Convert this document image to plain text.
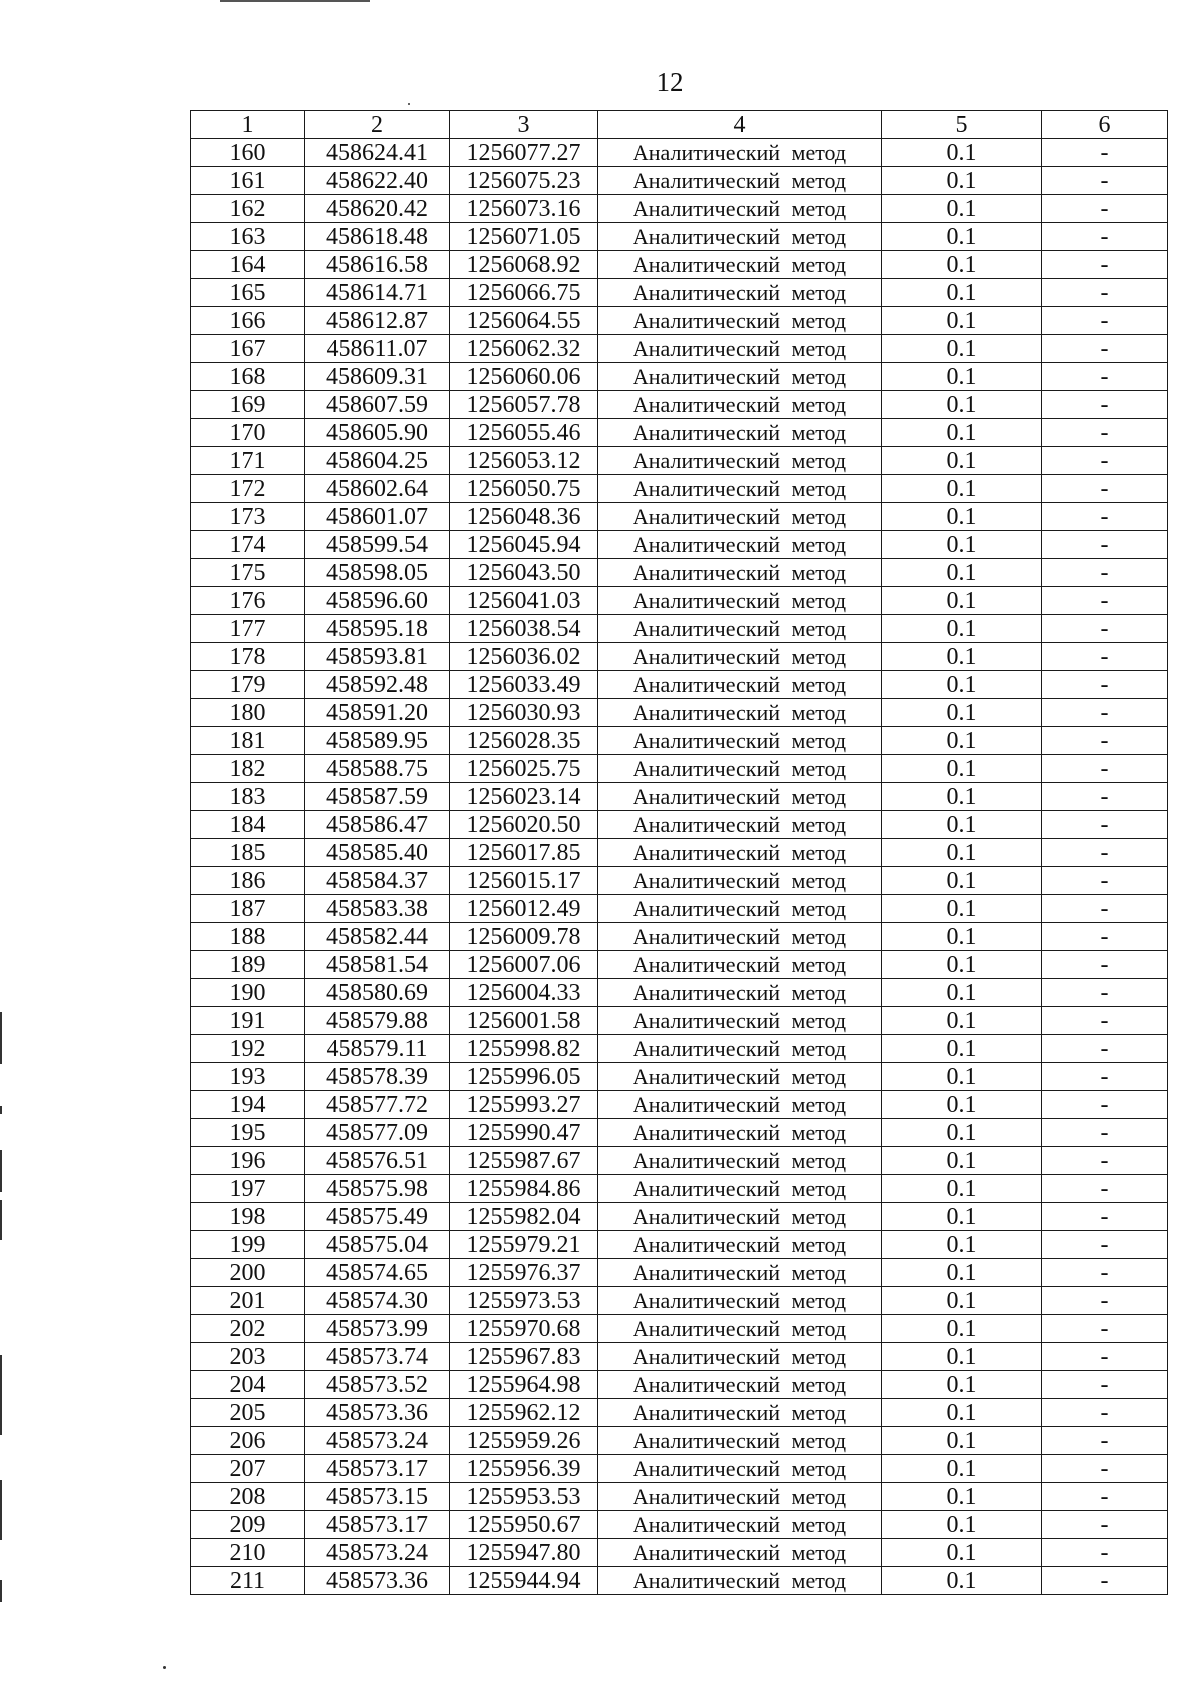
12
1	2	3	4	5	6
160	458624.41	1256077.27	Аналитический метод	0.1	-
161	458622.40	1256075.23	Аналитический метод	0.1	-
162	458620.42	1256073.16	Аналитический метод	0.1	-
163	458618.48	1256071.05	Аналитический метод	0.1	-
164	458616.58	1256068.92	Аналитический метод	0.1	-
165	458614.71	1256066.75	Аналитический метод	0.1	-
166	458612.87	1256064.55	Аналитический метод	0.1	-
167	458611.07	1256062.32	Аналитический метод	0.1	-
168	458609.31	1256060.06	Аналитический метод	0.1	-
169	458607.59	1256057.78	Аналитический метод	0.1	-
170	458605.90	1256055.46	Аналитический метод	0.1	-
171	458604.25	1256053.12	Аналитический метод	0.1	-
172	458602.64	1256050.75	Аналитический метод	0.1	-
173	458601.07	1256048.36	Аналитический метод	0.1	-
174	458599.54	1256045.94	Аналитический метод	0.1	-
175	458598.05	1256043.50	Аналитический метод	0.1	-
176	458596.60	1256041.03	Аналитический метод	0.1	-
177	458595.18	1256038.54	Аналитический метод	0.1	-
178	458593.81	1256036.02	Аналитический метод	0.1	-
179	458592.48	1256033.49	Аналитический метод	0.1	-
180	458591.20	1256030.93	Аналитический метод	0.1	-
181	458589.95	1256028.35	Аналитический метод	0.1	-
182	458588.75	1256025.75	Аналитический метод	0.1	-
183	458587.59	1256023.14	Аналитический метод	0.1	-
184	458586.47	1256020.50	Аналитический метод	0.1	-
185	458585.40	1256017.85	Аналитический метод	0.1	-
186	458584.37	1256015.17	Аналитический метод	0.1	-
187	458583.38	1256012.49	Аналитический метод	0.1	-
188	458582.44	1256009.78	Аналитический метод	0.1	-
189	458581.54	1256007.06	Аналитический метод	0.1	-
190	458580.69	1256004.33	Аналитический метод	0.1	-
191	458579.88	1256001.58	Аналитический метод	0.1	-
192	458579.11	1255998.82	Аналитический метод	0.1	-
193	458578.39	1255996.05	Аналитический метод	0.1	-
194	458577.72	1255993.27	Аналитический метод	0.1	-
195	458577.09	1255990.47	Аналитический метод	0.1	-
196	458576.51	1255987.67	Аналитический метод	0.1	-
197	458575.98	1255984.86	Аналитический метод	0.1	-
198	458575.49	1255982.04	Аналитический метод	0.1	-
199	458575.04	1255979.21	Аналитический метод	0.1	-
200	458574.65	1255976.37	Аналитический метод	0.1	-
201	458574.30	1255973.53	Аналитический метод	0.1	-
202	458573.99	1255970.68	Аналитический метод	0.1	-
203	458573.74	1255967.83	Аналитический метод	0.1	-
204	458573.52	1255964.98	Аналитический метод	0.1	-
205	458573.36	1255962.12	Аналитический метод	0.1	-
206	458573.24	1255959.26	Аналитический метод	0.1	-
207	458573.17	1255956.39	Аналитический метод	0.1	-
208	458573.15	1255953.53	Аналитический метод	0.1	-
209	458573.17	1255950.67	Аналитический метод	0.1	-
210	458573.24	1255947.80	Аналитический метод	0.1	-
211	458573.36	1255944.94	Аналитический метод	0.1	-
